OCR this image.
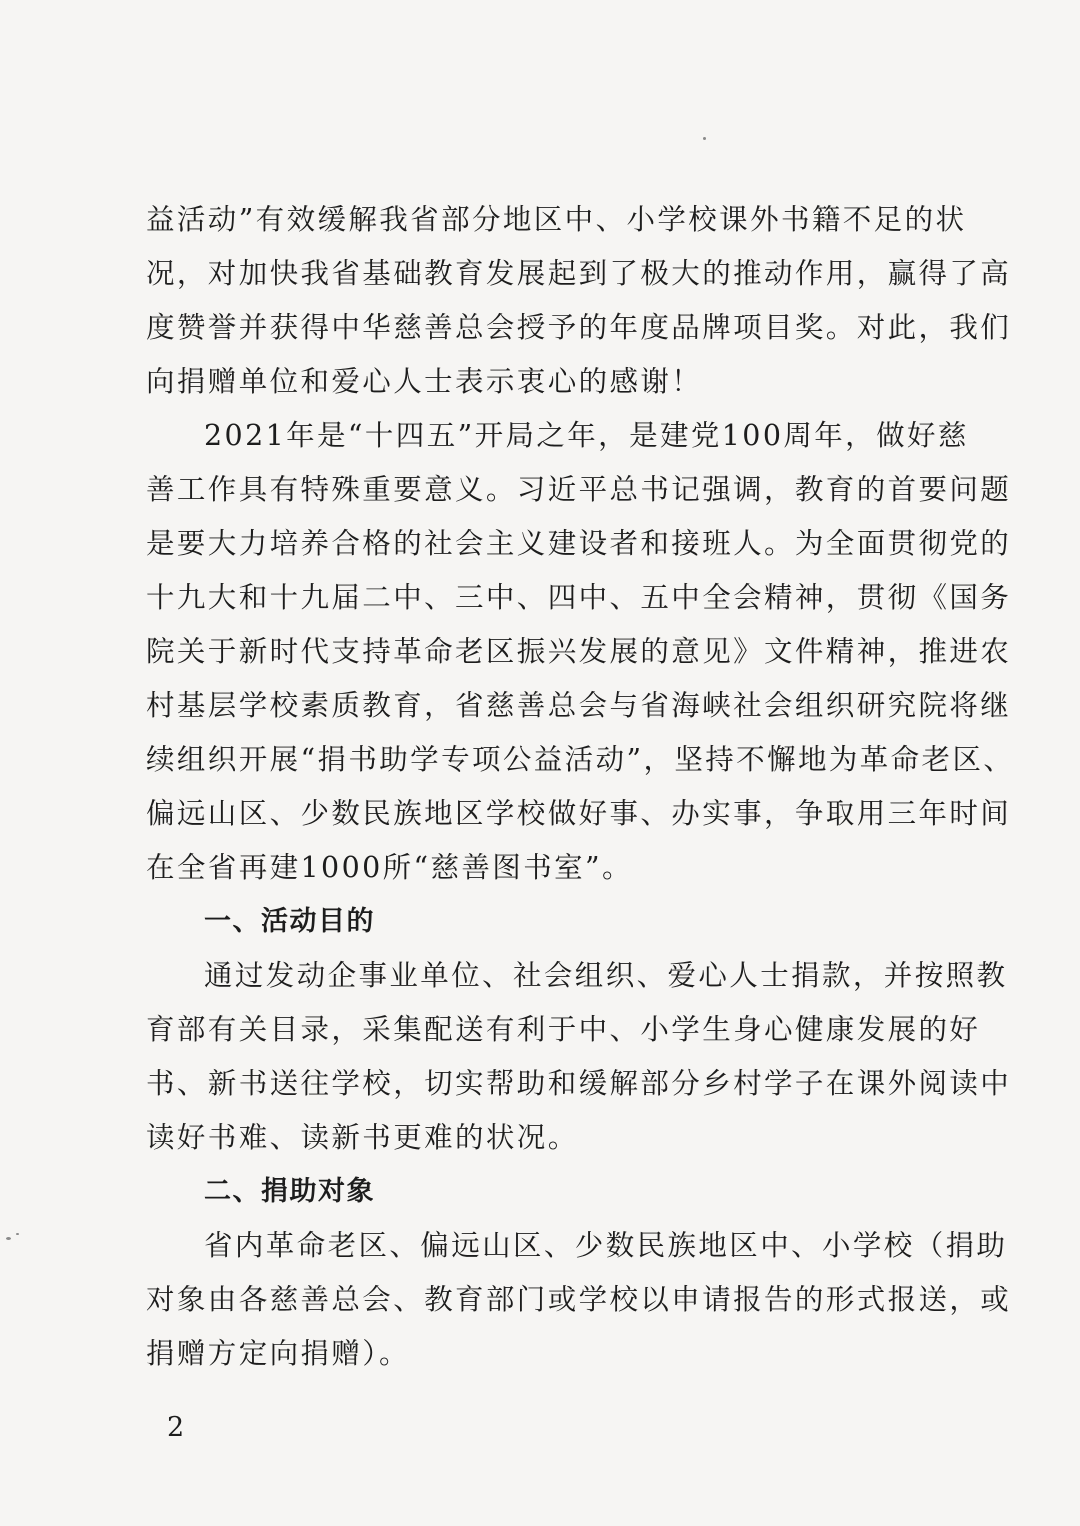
益活动”有效缓解我省部分地区中、小学校课外书籍不足的状
况，对加快我省基础教育发展起到了极大的推动作用，赢得了高
度赞誉并获得中华慈善总会授予的年度品牌项目奖。对此，我们
向捐赠单位和爱心人士表示衷心的感谢！
2021年是“十四五”开局之年，是建党100周年，做好慈
善工作具有特殊重要意义。习近平总书记强调，教育的首要问题
是要大力培养合格的社会主义建设者和接班人。为全面贯彻党的
十九大和十九届二中、三中、四中、五中全会精神，贯彻《国务
院关于新时代支持革命老区振兴发展的意见》文件精神，推进农
村基层学校素质教育，省慈善总会与省海峡社会组织研究院将继
续组织开展“捐书助学专项公益活动”，坚持不懈地为革命老区、
偏远山区、少数民族地区学校做好事、办实事，争取用三年时间
在全省再建1000所“慈善图书室”。
一、活动目的
通过发动企事业单位、社会组织、爱心人士捐款，并按照教
育部有关目录，采集配送有利于中、小学生身心健康发展的好
书、新书送往学校，切实帮助和缓解部分乡村学子在课外阅读中
读好书难、读新书更难的状况。
二、捐助对象
省内革命老区、偏远山区、少数民族地区中、小学校（捐助
对象由各慈善总会、教育部门或学校以申请报告的形式报送，或
捐赠方定向捐赠）。
2
